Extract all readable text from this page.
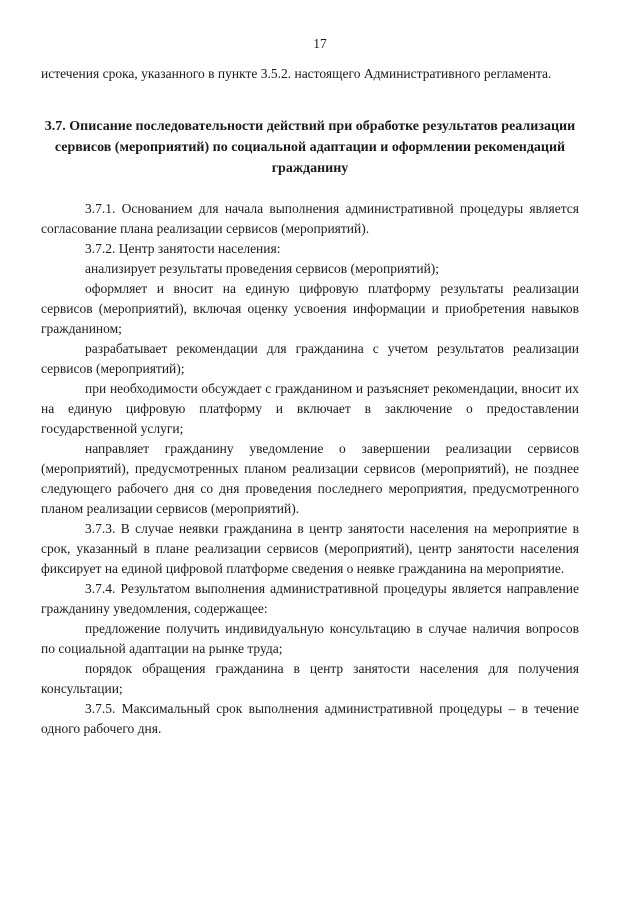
17

истечения срока, указанного в пункте 3.5.2. настоящего Административного регламента.

3.7. Описание последовательности действий при обработке результатов реализации сервисов (мероприятий) по социальной адаптации и оформлении рекомендаций гражданину

3.7.1. Основанием для начала выполнения административной процедуры является согласование плана реализации сервисов (мероприятий).

3.7.2. Центр занятости населения:

анализирует результаты проведения сервисов (мероприятий);

оформляет и вносит на единую цифровую платформу результаты реализации сервисов (мероприятий), включая оценку усвоения информации и приобретения навыков гражданином;

разрабатывает рекомендации для гражданина с учетом результатов реализации сервисов (мероприятий);

при необходимости обсуждает с гражданином и разъясняет рекомендации, вносит их на единую цифровую платформу и включает в заключение о предоставлении государственной услуги;

направляет гражданину уведомление о завершении реализации сервисов (мероприятий), предусмотренных планом реализации сервисов (мероприятий), не позднее следующего рабочего дня со дня проведения последнего мероприятия, предусмотренного планом реализации сервисов (мероприятий).

3.7.3. В случае неявки гражданина в центр занятости населения на мероприятие в срок, указанный в плане реализации сервисов (мероприятий), центр занятости населения фиксирует на единой цифровой платформе сведения о неявке гражданина на мероприятие.

3.7.4. Результатом выполнения административной процедуры является направление гражданину уведомления, содержащее:

предложение получить индивидуальную консультацию в случае наличия вопросов по социальной адаптации на рынке труда;

порядок обращения гражданина в центр занятости населения для получения консультации;

3.7.5. Максимальный срок выполнения административной процедуры – в течение одного рабочего дня.
